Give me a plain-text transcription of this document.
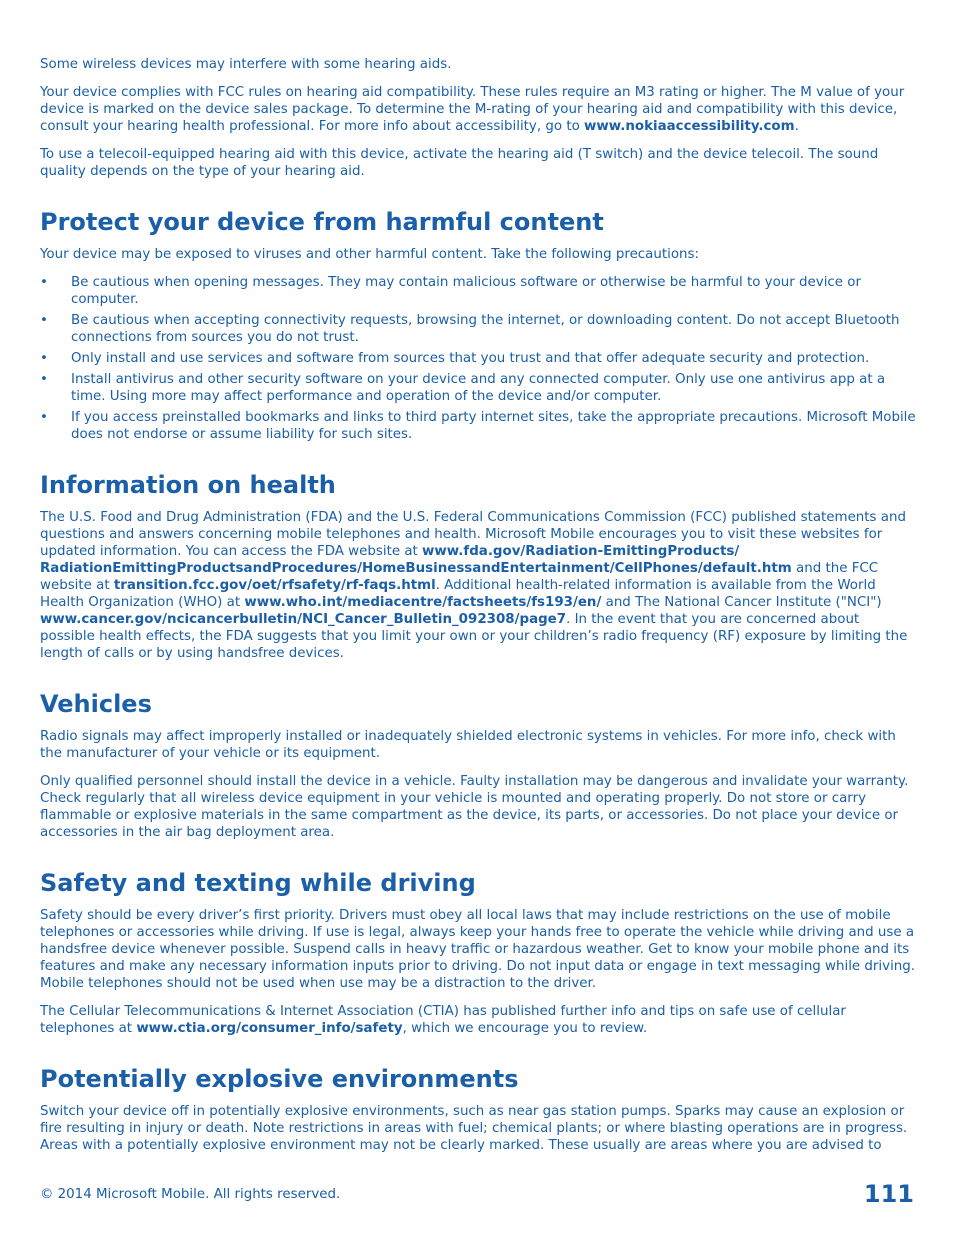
Some wireless devices may interfere with some hearing aids.

Your device complies with FCC rules on hearing aid compatibility. These rules require an M3 rating or higher. The M value of your device is marked on the device sales package. To determine the M-rating of your hearing aid and compatibility with this device, consult your hearing health professional. For more info about accessibility, go to www.nokiaaccessibility.com.

To use a telecoil-equipped hearing aid with this device, activate the hearing aid (T switch) and the device telecoil. The sound quality depends on the type of your hearing aid.

Protect your device from harmful content

Your device may be exposed to viruses and other harmful content. Take the following precautions:

• Be cautious when opening messages. They may contain malicious software or otherwise be harmful to your device or computer.
• Be cautious when accepting connectivity requests, browsing the internet, or downloading content. Do not accept Bluetooth connections from sources you do not trust.
• Only install and use services and software from sources that you trust and that offer adequate security and protection.
• Install antivirus and other security software on your device and any connected computer. Only use one antivirus app at a time. Using more may affect performance and operation of the device and/or computer.
• If you access preinstalled bookmarks and links to third party internet sites, take the appropriate precautions. Microsoft Mobile does not endorse or assume liability for such sites.
Information on health

The U.S. Food and Drug Administration (FDA) and the U.S. Federal Communications Commission (FCC) published statements and questions and answers concerning mobile telephones and health. Microsoft Mobile encourages you to visit these websites for updated information. You can access the FDA website at www.fda.gov/Radiation-EmittingProducts/ RadiationEmittingProductsandProcedures/HomeBusinessandEntertainment/CellPhones/default.htm and the FCC website at transition.fcc.gov/oet/rfsafety/rf-faqs.html. Additional health-related information is available from the World Health Organization (WHO) at www.who.int/mediacentre/factsheets/fs193/en/ and The National Cancer Institute ("NCI") www.cancer.gov/ncicancerbulletin/NCI_Cancer_Bulletin_092308/page7. In the event that you are concerned about possible health effects, the FDA suggests that you limit your own or your children’s radio frequency (RF) exposure by limiting the length of calls or by using handsfree devices.

Vehicles

Radio signals may affect improperly installed or inadequately shielded electronic systems in vehicles. For more info, check with the manufacturer of your vehicle or its equipment.

Only qualified personnel should install the device in a vehicle. Faulty installation may be dangerous and invalidate your warranty. Check regularly that all wireless device equipment in your vehicle is mounted and operating properly. Do not store or carry flammable or explosive materials in the same compartment as the device, its parts, or accessories. Do not place your device or accessories in the air bag deployment area.

Safety and texting while driving

Safety should be every driver’s first priority. Drivers must obey all local laws that may include restrictions on the use of mobile telephones or accessories while driving. If use is legal, always keep your hands free to operate the vehicle while driving and use a handsfree device whenever possible. Suspend calls in heavy traffic or hazardous weather. Get to know your mobile phone and its features and make any necessary information inputs prior to driving. Do not input data or engage in text messaging while driving. Mobile telephones should not be used when use may be a distraction to the driver.

The Cellular Telecommunications & Internet Association (CTIA) has published further info and tips on safe use of cellular telephones at www.ctia.org/consumer_info/safety, which we encourage you to review.

Potentially explosive environments

Switch your device off in potentially explosive environments, such as near gas station pumps. Sparks may cause an explosion or fire resulting in injury or death. Note restrictions in areas with fuel; chemical plants; or where blasting operations are in progress. Areas with a potentially explosive environment may not be clearly marked. These usually are areas where you are advised to

© 2014 Microsoft Mobile. All rights reserved.	111
